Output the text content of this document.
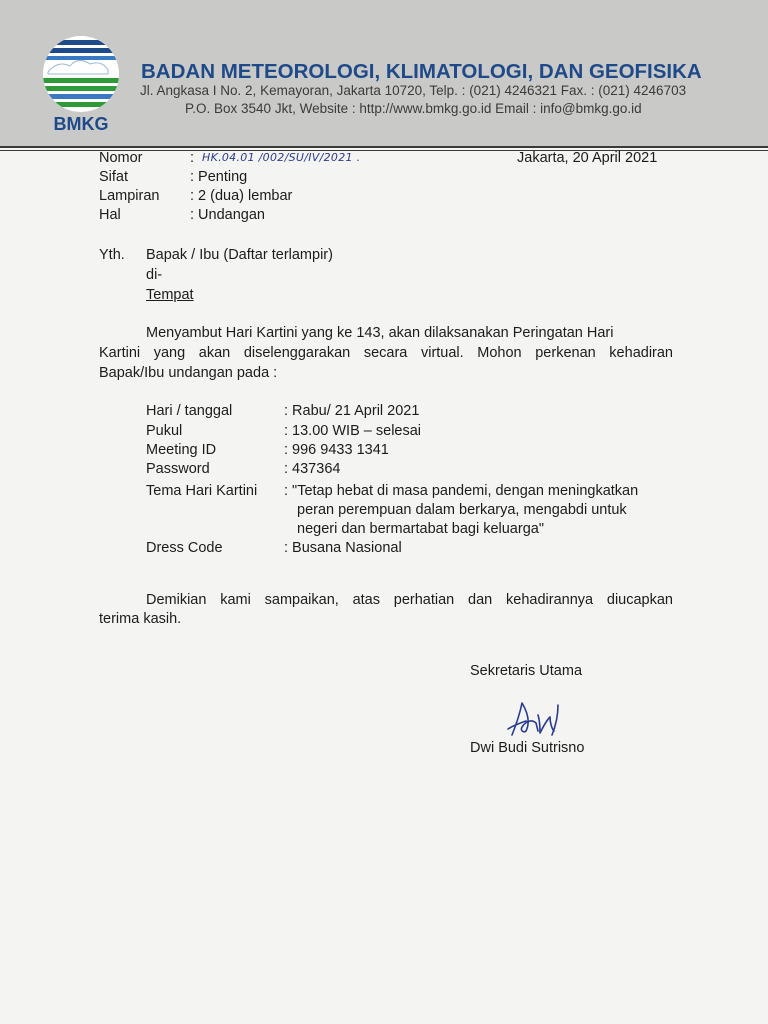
BMKG
BADAN METEOROLOGI, KLIMATOLOGI, DAN GEOFISIKA
Jl. Angkasa I No. 2, Kemayoran, Jakarta 10720, Telp. : (021) 4246321 Fax. : (021) 4246703
P.O. Box 3540 Jkt, Website : http://www.bmkg.go.id Email : info@bmkg.go.id
Nomor	: HK.04.01 /002/SU/IV/2021 .	Jakarta, 20 April 2021
Sifat	: Penting
Lampiran : 2 (dua) lembar
Hal	: Undangan
Yth. Bapak / Ibu (Daftar terlampir)
di-
Tempat
Menyambut Hari Kartini yang ke 143, akan dilaksanakan Peringatan Hari
Kartini yang akan diselenggarakan secara virtual. Mohon perkenan kehadiran
Bapak/Ibu undangan pada :
Hari / tanggal	: Rabu/ 21 April 2021
Pukul	: 13.00 WIB – selesai
Meeting ID	: 996 9433 1341
Password	: 437364
Tema Hari Kartini : "Tetap hebat di masa pandemi, dengan meningkatkan
peran perempuan dalam berkarya, mengabdi untuk
negeri dan bermartabat bagi keluarga"
Dress Code	: Busana Nasional
Demikian kami sampaikan, atas perhatian dan kehadirannya diucapkan
terima kasih.
Sekretaris Utama
Dwi Budi Sutrisno
